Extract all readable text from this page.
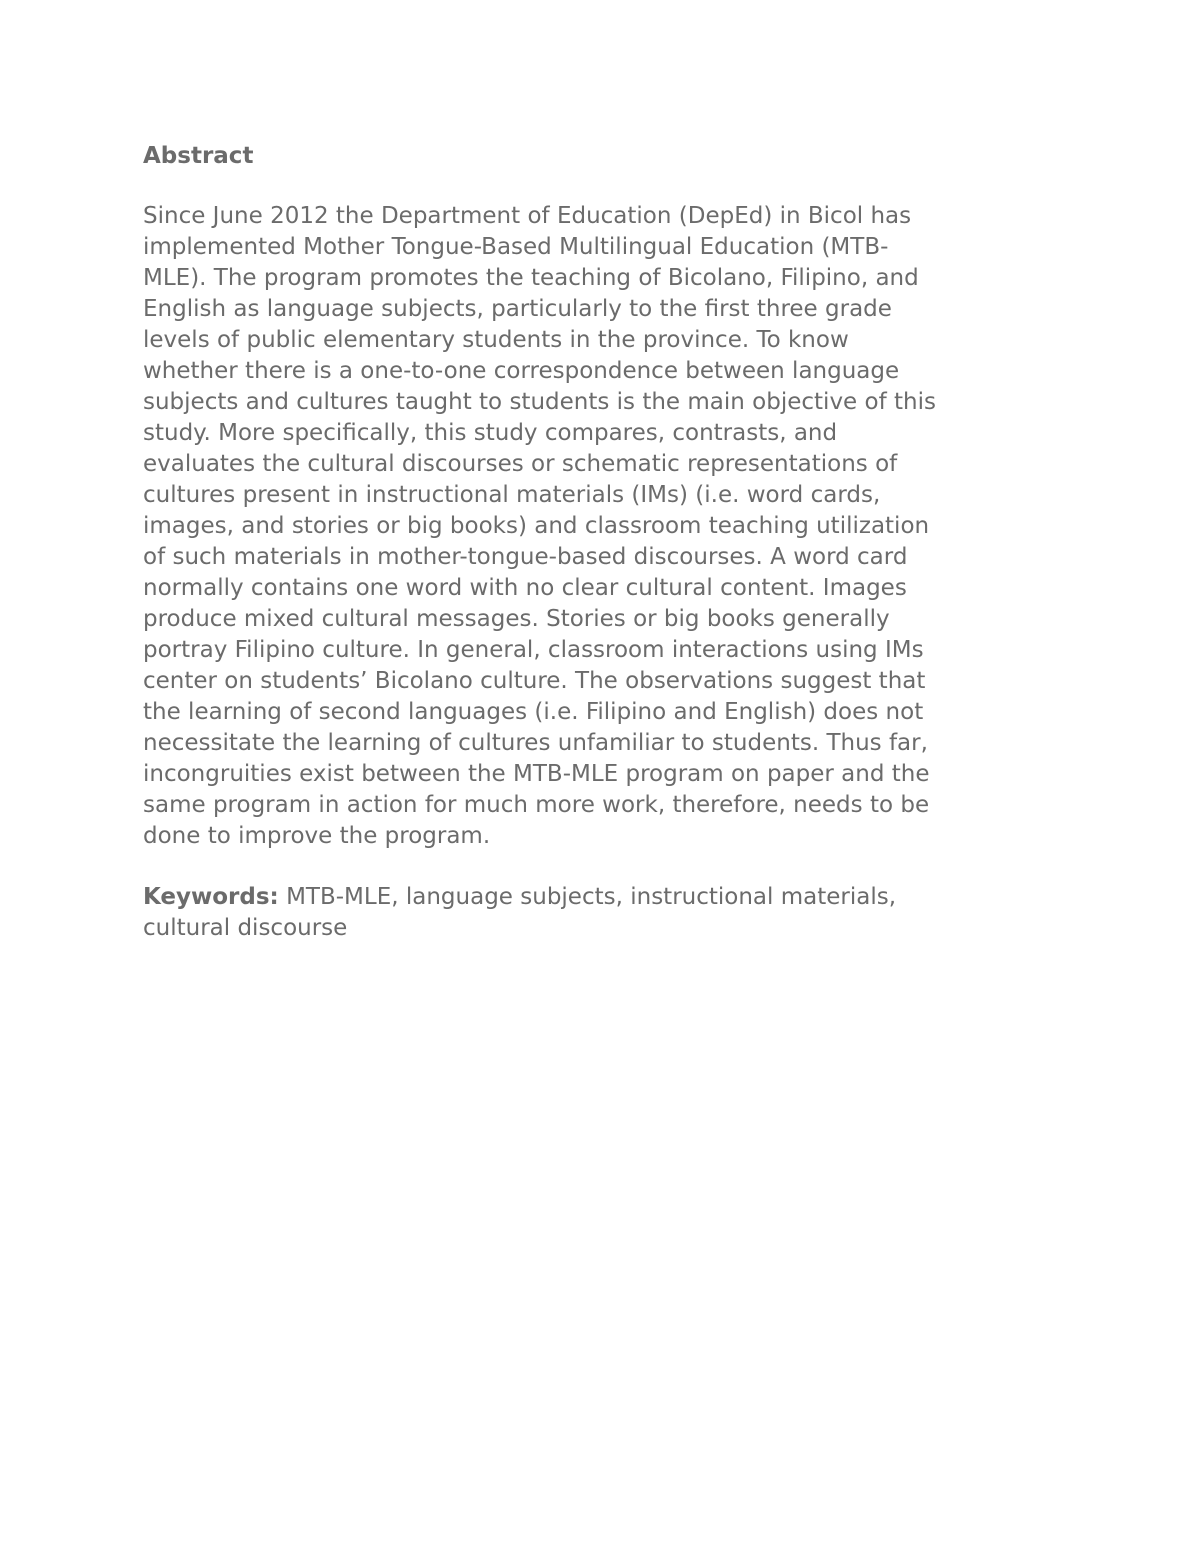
Abstract
Since June 2012 the Department of Education (DepEd) in Bicol has
implemented Mother Tongue-Based Multilingual Education (MTB-
MLE). The program promotes the teaching of Bicolano, Filipino, and
English as language subjects, particularly to the first three grade
levels of public elementary students in the province. To know
whether there is a one-to-one correspondence between language
subjects and cultures taught to students is the main objective of this
study. More specifically, this study compares, contrasts, and
evaluates the cultural discourses or schematic representations of
cultures present in instructional materials (IMs) (i.e. word cards,
images, and stories or big books) and classroom teaching utilization
of such materials in mother-tongue-based discourses. A word card
normally contains one word with no clear cultural content. Images
produce mixed cultural messages. Stories or big books generally
portray Filipino culture. In general, classroom interactions using IMs
center on students’ Bicolano culture. The observations suggest that
the learning of second languages (i.e. Filipino and English) does not
necessitate the learning of cultures unfamiliar to students. Thus far,
incongruities exist between the MTB-MLE program on paper and the
same program in action for much more work, therefore, needs to be
done to improve the program.
Keywords: MTB-MLE, language subjects, instructional materials,
cultural discourse
